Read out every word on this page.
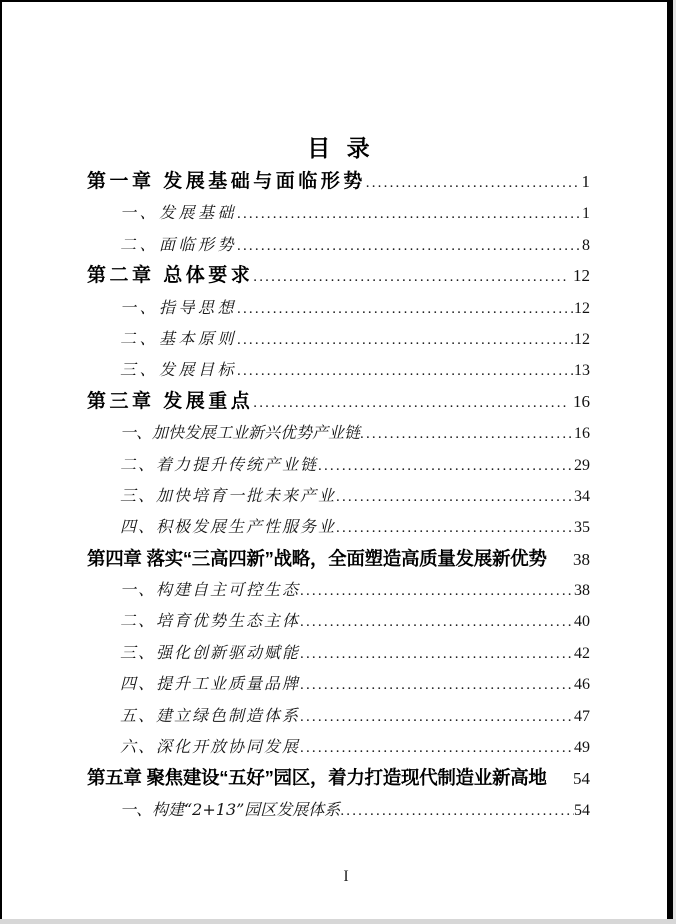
目 录
第一章 发展基础与面临形势 .....	1
一、发展基础 .....	1
二、面临形势 .....	8
第二章 总体要求 .....	12
一、指导思想 .....	12
二、基本原则 .....	12
三、发展目标 .....	13
第三章 发展重点 .....	16
一、加快发展工业新兴优势产业链 .....	16
二、着力提升传统产业链 .....	29
三、加快培育一批未来产业 .....	34
四、积极发展生产性服务业 .....	35
第四章 落实“三高四新”战略，全面塑造高质量发展新优势 38
一、构建自主可控生态 .....	38
二、培育优势生态主体 .....	40
三、强化创新驱动赋能 .....	42
四、提升工业质量品牌 .....	46
五、建立绿色制造体系 .....	47
六、深化开放协同发展 .....	49
第五章 聚焦建设“五好”园区，着力打造现代制造业新高地 54
一、构建“2+13”园区发展体系 .....	54
I
